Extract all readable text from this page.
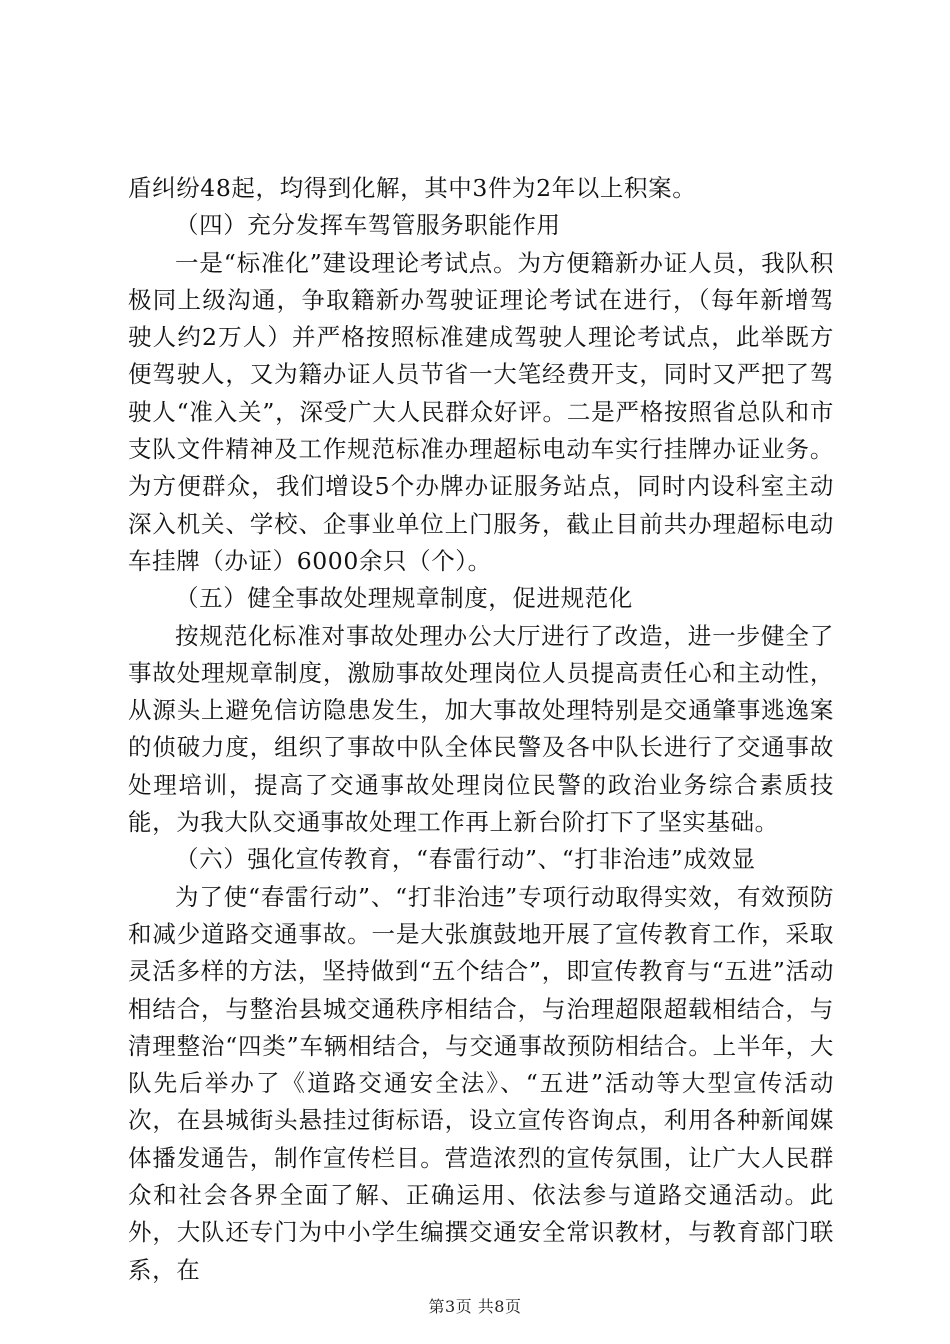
盾纠纷48起，均得到化解，其中3件为2年以上积案。

（四）充分发挥车驾管服务职能作用

一是“标准化”建设理论考试点。为方便籍新办证人员，我队积极同上级沟通，争取籍新办驾驶证理论考试在进行，（每年新增驾驶人约2万人）并严格按照标准建成驾驶人理论考试点，此举既方便驾驶人，又为籍办证人员节省一大笔经费开支，同时又严把了驾驶人“准入关”，深受广大人民群众好评。二是严格按照省总队和市支队文件精神及工作规范标准办理超标电动车实行挂牌办证业务。为方便群众，我们增设5个办牌办证服务站点，同时内设科室主动深入机关、学校、企事业单位上门服务，截止目前共办理超标电动车挂牌（办证）6000余只（个）。

（五）健全事故处理规章制度，促进规范化

按规范化标准对事故处理办公大厅进行了改造，进一步健全了事故处理规章制度，激励事故处理岗位人员提高责任心和主动性，从源头上避免信访隐患发生，加大事故处理特别是交通肇事逃逸案的侦破力度，组织了事故中队全体民警及各中队长进行了交通事故处理培训，提高了交通事故处理岗位民警的政治业务综合素质技能，为我大队交通事故处理工作再上新台阶打下了坚实基础。

（六）强化宣传教育，“春雷行动”、“打非治违”成效显

为了使“春雷行动”、“打非治违”专项行动取得实效，有效预防和减少道路交通事故。一是大张旗鼓地开展了宣传教育工作，采取灵活多样的方法，坚持做到“五个结合”，即宣传教育与“五进”活动相结合，与整治县城交通秩序相结合，与治理超限超载相结合，与清理整治“四类”车辆相结合，与交通事故预防相结合。上半年，大队先后举办了《道路交通安全法》、“五进”活动等大型宣传活动次，在县城街头悬挂过街标语，设立宣传咨询点，利用各种新闻媒体播发通告，制作宣传栏目。营造浓烈的宣传氛围，让广大人民群众和社会各界全面了解、正确运用、依法参与道路交通活动。此外，大队还专门为中小学生编撰交通安全常识教材，与教育部门联系，在

第3页 共8页
